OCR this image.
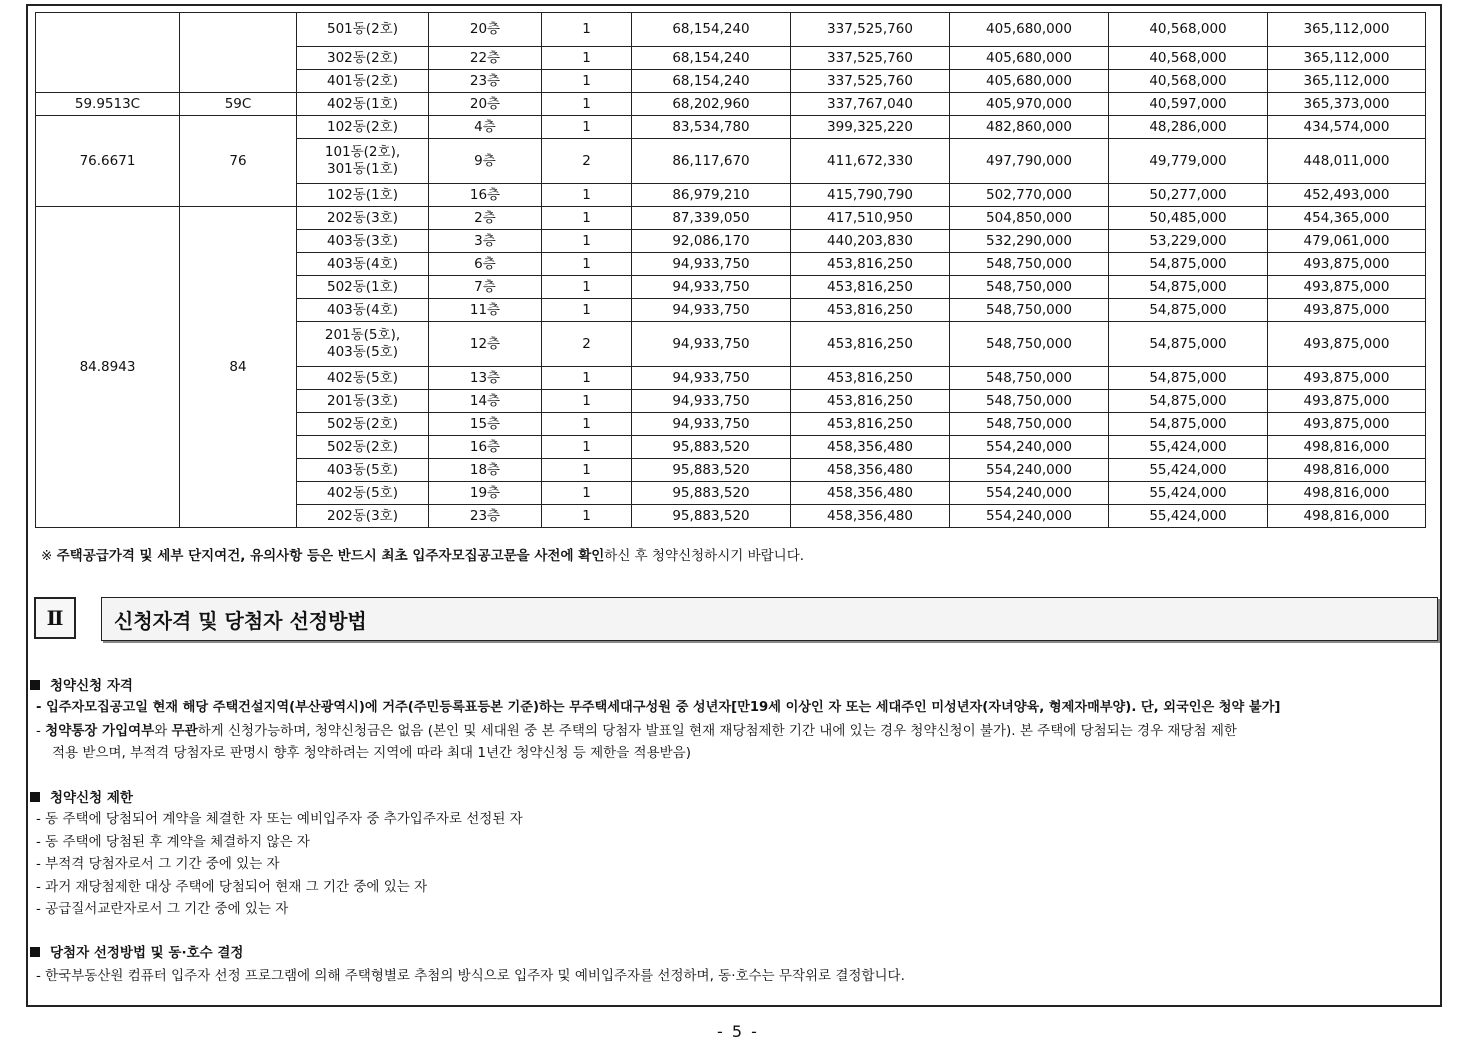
		501동(2호)	20층	1	68,154,240	337,525,760	405,680,000	40,568,000	365,112,000
		302동(2호)	22층	1	68,154,240	337,525,760	405,680,000	40,568,000	365,112,000
		401동(2호)	23층	1	68,154,240	337,525,760	405,680,000	40,568,000	365,112,000
59.9513C	59C	402동(1호)	20층	1	68,202,960	337,767,040	405,970,000	40,597,000	365,373,000
76.6671	76	102동(2호)	4층	1	83,534,780	399,325,220	482,860,000	48,286,000	434,574,000

		101동(2호),
301동(1호)	9층	2	86,117,670	411,672,330	497,790,000	49,779,000	448,011,000
		102동(1호)	16층	1	86,979,210	415,790,790	502,770,000	50,277,000	452,493,000
84.8943	84	202동(3호)	2층	1	87,339,050	417,510,950	504,850,000	50,485,000	454,365,000
		403동(3호)	3층	1	92,086,170	440,203,830	532,290,000	53,229,000	479,061,000
		403동(4호)	6층	1	94,933,750	453,816,250	548,750,000	54,875,000	493,875,000
		502동(1호)	7층	1	94,933,750	453,816,250	548,750,000	54,875,000	493,875,000
		403동(4호)	11층	1	94,933,750	453,816,250	548,750,000	54,875,000	493,875,000

		201동(5호),
403동(5호)	12층	2	94,933,750	453,816,250	548,750,000	54,875,000	493,875,000
		402동(5호)	13층	1	94,933,750	453,816,250	548,750,000	54,875,000	493,875,000
		201동(3호)	14층	1	94,933,750	453,816,250	548,750,000	54,875,000	493,875,000
		502동(2호)	15층	1	94,933,750	453,816,250	548,750,000	54,875,000	493,875,000
		502동(2호)	16층	1	95,883,520	458,356,480	554,240,000	55,424,000	498,816,000
		403동(5호)	18층	1	95,883,520	458,356,480	554,240,000	55,424,000	498,816,000
		402동(5호)	19층	1	95,883,520	458,356,480	554,240,000	55,424,000	498,816,000
		202동(3호)	23층	1	95,883,520	458,356,480	554,240,000	55,424,000	498,816,000
※ 주택공급가격 및 세부 단지여건, 유의사항 등은 반드시 최초 입주자모집공고문을 사전에 확인하신 후 청약신청하시기 바랍니다.
Ⅱ	신청자격 및 당첨자 선정방법
청약신청 자격
- 입주자모집공고일 현재 해당 주택건설지역(부산광역시)에 거주(주민등록표등본 기준)하는 무주택세대구성원 중 성년자[만19세 이상인 자 또는 세대주인 미성년자(자녀양육, 형제자매부양). 단, 외국인은 청약 불가]
- 청약통장 가입여부와 무관하게 신청가능하며, 청약신청금은 없음 (본인 및 세대원 중 본 주택의 당첨자 발표일 현재 재당첨제한 기간 내에 있는 경우 청약신청이 불가). 본 주택에 당첨되는 경우 재당첨 제한
적용 받으며, 부적격 당첨자로 판명시 향후 청약하려는 지역에 따라 최대 1년간 청약신청 등 제한을 적용받음)
청약신청 제한
- 동 주택에 당첨되어 계약을 체결한 자 또는 예비입주자 중 추가입주자로 선정된 자
- 동 주택에 당첨된 후 계약을 체결하지 않은 자
- 부적격 당첨자로서 그 기간 중에 있는 자
- 과거 재당첨제한 대상 주택에 당첨되어 현재 그 기간 중에 있는 자
- 공급질서교란자로서 그 기간 중에 있는 자
당첨자 선정방법 및 동·호수 결정
- 한국부동산원 컴퓨터 입주자 선정 프로그램에 의해 주택형별로 추첨의 방식으로 입주자 및 예비입주자를 선정하며, 동·호수는 무작위로 결정합니다.
- 5 -
